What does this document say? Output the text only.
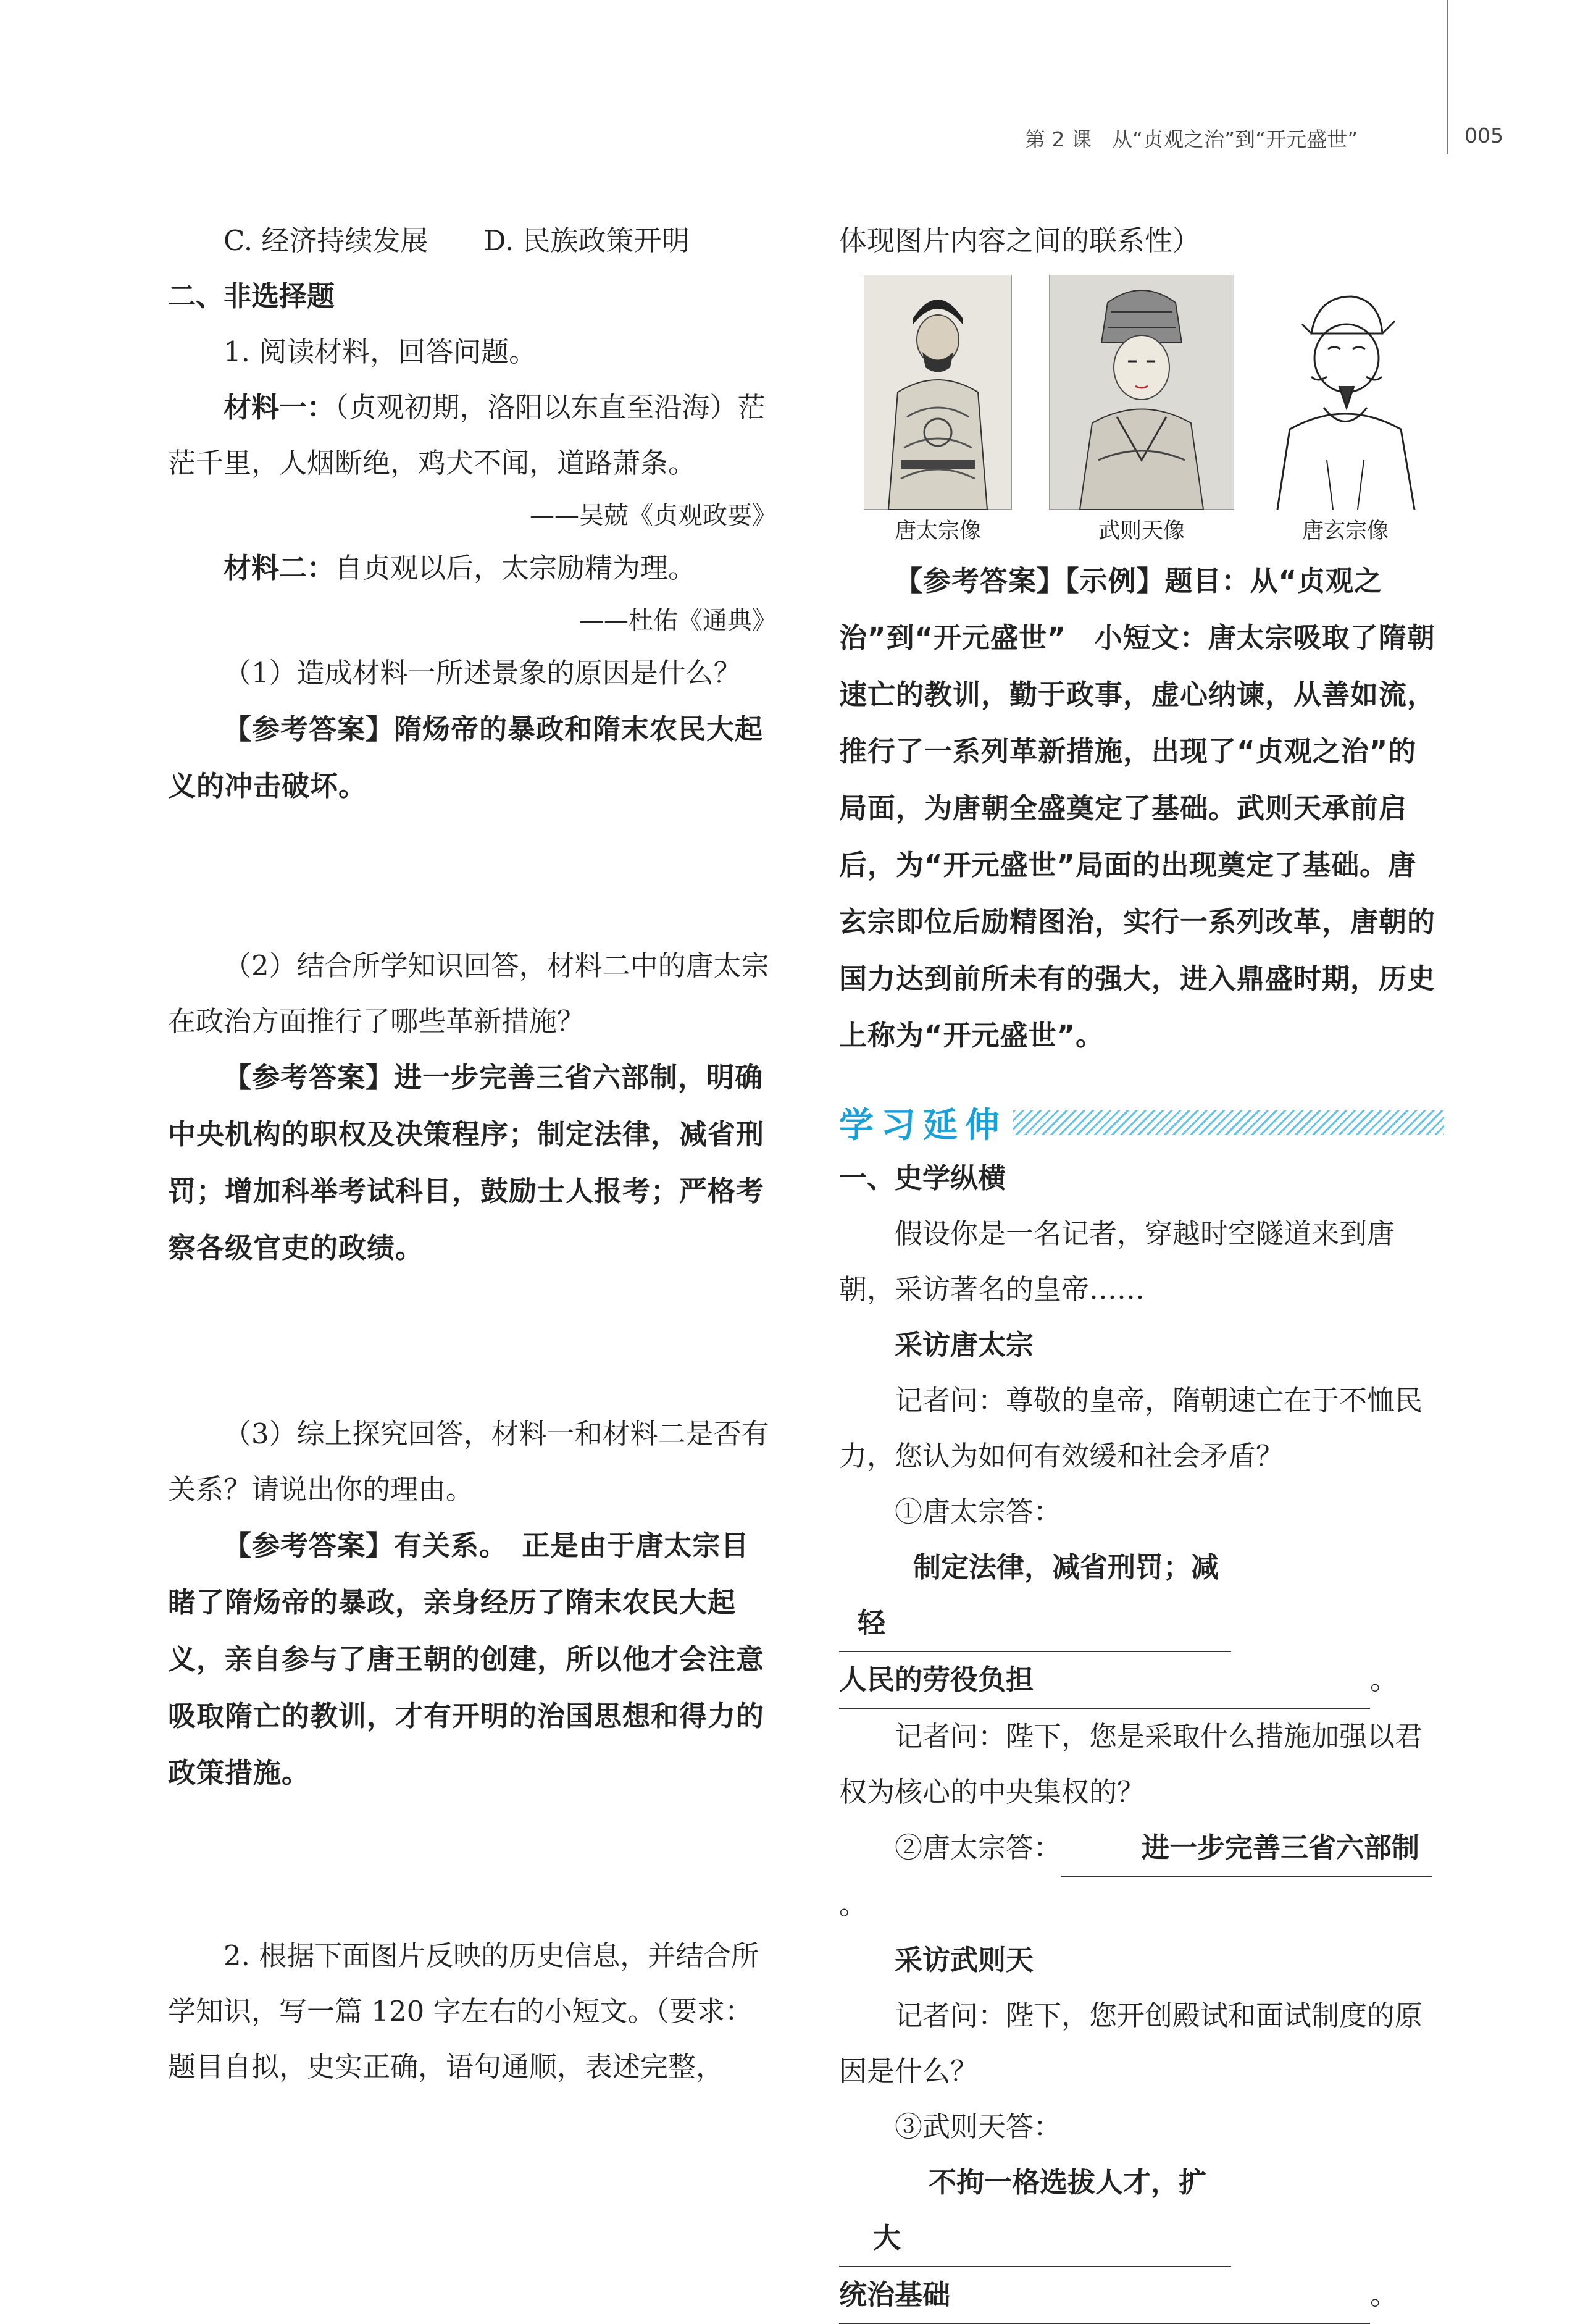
第 2 课　从“贞观之治”到“开元盛世”	005

C. 经济持续发展　　D. 民族政策开明

二、非选择题

1. 阅读材料，回答问题。

材料一：（贞观初期，洛阳以东直至沿海）茫茫千里，人烟断绝，鸡犬不闻，道路萧条。

——吴兢《贞观政要》

材料二：自贞观以后，太宗励精为理。

——杜佑《通典》

（1）造成材料一所述景象的原因是什么？

【参考答案】隋炀帝的暴政和隋末农民大起义的冲击破坏。

（2）结合所学知识回答，材料二中的唐太宗在政治方面推行了哪些革新措施？

【参考答案】进一步完善三省六部制，明确中央机构的职权及决策程序；制定法律，减省刑罚；增加科举考试科目，鼓励士人报考；严格考察各级官吏的政绩。

（3）综上探究回答，材料一和材料二是否有关系？请说出你的理由。

【参考答案】有关系。　正是由于唐太宗目睹了隋炀帝的暴政，亲身经历了隋末农民大起义，亲自参与了唐王朝的创建，所以他才会注意吸取隋亡的教训，才有开明的治国思想和得力的政策措施。

2. 根据下面图片反映的历史信息，并结合所学知识，写一篇 120 字左右的小短文。（要求：题目自拟，史实正确，语句通顺，表述完整，

体现图片内容之间的联系性）

唐太宗像	武则天像	唐玄宗像

【参考答案】【示例】题目：从“贞观之治”到“开元盛世”　小短文：唐太宗吸取了隋朝速亡的教训，勤于政事，虚心纳谏，从善如流，推行了一系列革新措施，出现了“贞观之治”的局面，为唐朝全盛奠定了基础。武则天承前启后，为“开元盛世”局面的出现奠定了基础。唐玄宗即位后励精图治，实行一系列改革，唐朝的国力达到前所未有的强大，进入鼎盛时期，历史上称为“开元盛世”。

学习延伸

一、史学纵横

假设你是一名记者，穿越时空隧道来到唐朝，采访著名的皇帝……

采访唐太宗

记者问：尊敬的皇帝，隋朝速亡在于不恤民力，您认为如何有效缓和社会矛盾？

①唐太宗答：制定法律，减省刑罚；减轻

人民的劳役负担	。

记者问：陛下，您是采取什么措施加强以君权为核心的中央集权的？

②唐太宗答：	进一步完善三省六部制。

采访武则天

记者问：陛下，您开创殿试和面试制度的原因是什么？

③武则天答：不拘一格选拔人才，扩大

统治基础	。
